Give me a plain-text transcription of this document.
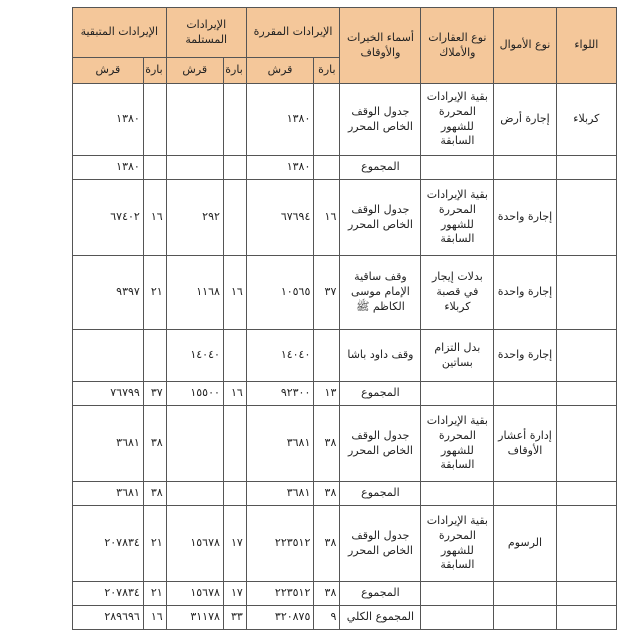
اللواء	نوع الأموال	نوع العقارات والأملاك	أسماء الخيرات والأوقاف	الإيرادات المقررة		الإيرادات المستلمة		الإيرادات المتبقية	
				بارة	قرش	بارة	قرش	بارة	قرش
كربلاء	إجارة أرض	بقية الإيرادات المحررة للشهور السابقة	جدول الوقف الخاص المحرر		١٣٨٠				١٣٨٠
			المجموع		١٣٨٠				١٣٨٠
	إجارة واحدة	بقية الإيرادات المحررة للشهور السابقة	جدول الوقف الخاص المحرر	١٦	٦٧٦٩٤		٢٩٢	١٦	٦٧٤٠٢
	إجارة واحدة	بدلات إيجار في قصبة كربلاء	وقف ساقية الإمام موسى الكاظم ﷺ	٣٧	١٠٥٦٥	١٦	١١٦٨	٢١	٩٣٩٧
	إجارة واحدة	بدل التزام بساتين	وقف داود باشا		١٤٠٤٠		١٤٠٤٠		
			المجموع	١٣	٩٢٣٠٠	١٦	١٥٥٠٠	٣٧	٧٦٧٩٩
	إدارة أعشار الأوقاف	بقية الإيرادات المحررة للشهور السابقة	جدول الوقف الخاص المحرر	٣٨	٣٦٨١			٣٨	٣٦٨١
			المجموع	٣٨	٣٦٨١			٣٨	٣٦٨١
	الرسوم	بقية الإيرادات المحررة للشهور السابقة	جدول الوقف الخاص المحرر	٣٨	٢٢٣٥١٢	١٧	١٥٦٧٨	٢١	٢٠٧٨٣٤
			المجموع	٣٨	٢٢٣٥١٢	١٧	١٥٦٧٨	٢١	٢٠٧٨٣٤
			المجموع الكلي	٩	٣٢٠٨٧٥	٣٣	٣١١٧٨	١٦	٢٨٩٦٩٦
